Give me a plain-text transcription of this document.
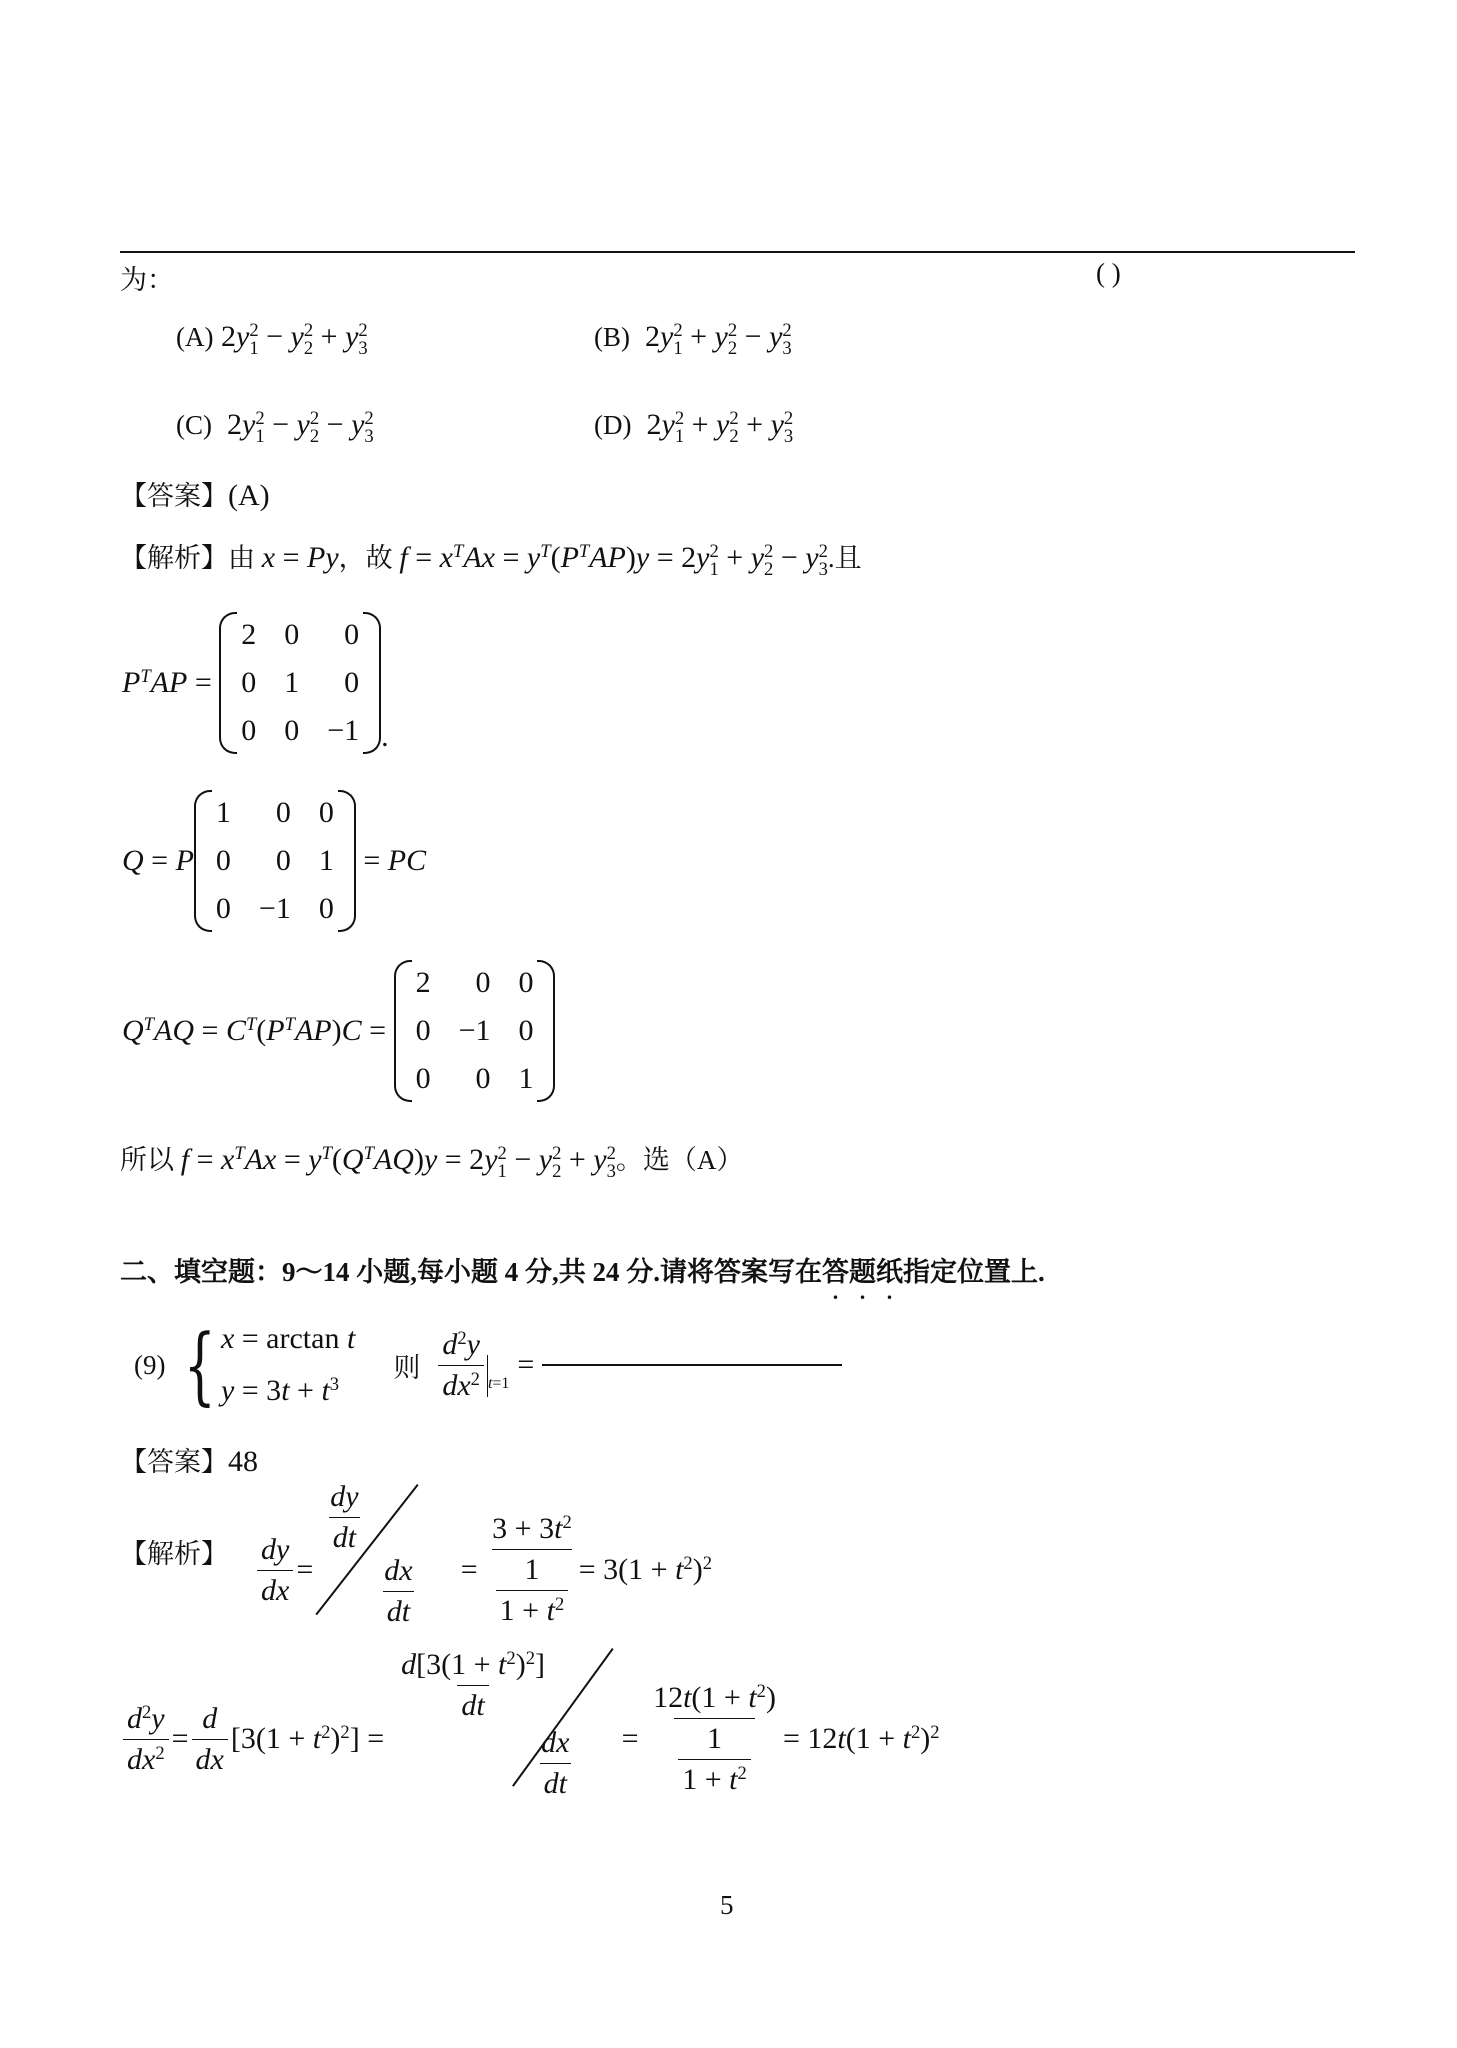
为：	( )
(A) 2y 2
1 − y 2
2 + y 2
3	(B)  2y 2
1 + y 2
2 − y 2
3
(C)  2y 2
1 − y 2
2 − y 2
3	(D)  2y 2
1 + y 2
2 + y 2
3
【答案】(A)
【解析】由 x = Py，故 $f = x^TAx = y^T(P^TAP)y = 2y$ 2
1 + y 2
2 − y 2
3 .且
$P^TAP$ =
2 0	0
0 1	0
0 0 −1 .
Q = P
1	0 0
0	0 1
0 −1 0
= PC
$Q^TAQ = C^T(P^TAP)C$ =
2	0 0
0 −1 0
0	0 1
所以 $f = x^TAx = y^T(Q^TAQ)y = 2y$ 2
1 − y 2
2 + y 2
3 。选（A）
二、填空题：9～14 小题,每小题 4 分,共 24 分.请将答案写在答题纸指定位置上.
(9) { x = arctan t
$y = 3t + t^3$
则 $\frac{d^2y}{dx^2}$ t =1
=
【答案】48
【解析】 $\frac{dy}{dx}$ =
$\frac{dy}{dt}$
$\frac{dx}{dt} = \frac{3 + 3t^2}{\frac{1}{1 + t^2}} = 3(1 + t^2)^2$
$\frac{d^2y}{dx^2} = \frac{d}{dx} [3(1 + t^2)^2]$ =
$\frac{d[3(1 + t^2)^2]}{dt}$
$\frac{dx}{dt} = \frac{12t(1 + t^2)}{\frac{1}{1 + t^2}} = 12t(1 + t^2)^2$
5
